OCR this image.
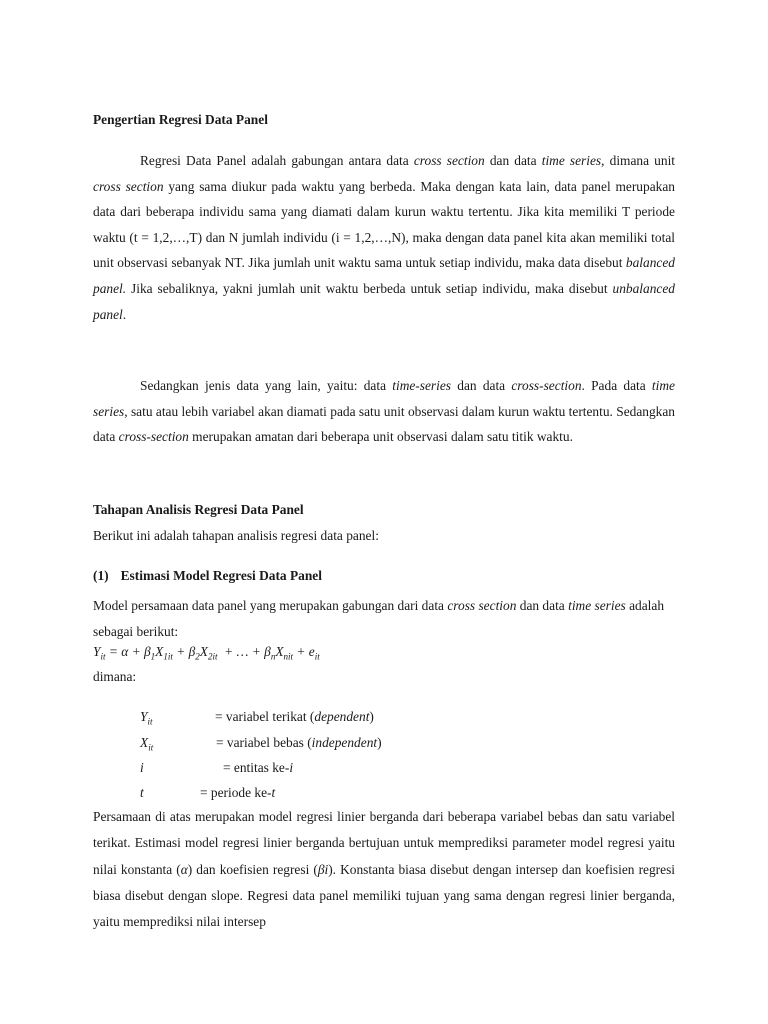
Pengertian Regresi Data Panel

Regresi Data Panel adalah gabungan antara data cross section dan data time series, dimana unit cross section yang sama diukur pada waktu yang berbeda. Maka dengan kata lain, data panel merupakan data dari beberapa individu sama yang diamati dalam kurun waktu tertentu. Jika kita memiliki T periode waktu (t = 1,2,…,T) dan N jumlah individu (i = 1,2,…,N), maka dengan data panel kita akan memiliki total unit observasi sebanyak NT. Jika jumlah unit waktu sama untuk setiap individu, maka data disebut balanced panel. Jika sebaliknya, yakni jumlah unit waktu berbeda untuk setiap individu, maka disebut unbalanced panel.

Sedangkan jenis data yang lain, yaitu: data time-series dan data cross-section. Pada data time series, satu atau lebih variabel akan diamati pada satu unit observasi dalam kurun waktu tertentu. Sedangkan data cross-section merupakan amatan dari beberapa unit observasi dalam satu titik waktu.

Tahapan Analisis Regresi Data Panel

Berikut ini adalah tahapan analisis regresi data panel:

(1) Estimasi Model Regresi Data Panel

Model persamaan data panel yang merupakan gabungan dari data cross section dan data time series adalah sebagai berikut:

$Y_{it} = \alpha + \beta_1X_{1it} + \beta_2X_{2it}$  + … + $\beta_nX_{nit} + e_{it}$

dimana:

$Y_{it}$	= variabel terikat (dependent)
$X_{it}$	= variabel bebas (independent)
i	= entitas ke-i
t	= periode ke-t

Persamaan di atas merupakan model regresi linier berganda dari beberapa variabel bebas dan satu variabel terikat. Estimasi model regresi linier berganda bertujuan untuk memprediksi parameter model regresi yaitu nilai konstanta (α) dan koefisien regresi (βi). Konstanta biasa disebut dengan intersep dan koefisien regresi biasa disebut dengan slope. Regresi data panel memiliki tujuan yang sama dengan regresi linier berganda, yaitu memprediksi nilai intersep
